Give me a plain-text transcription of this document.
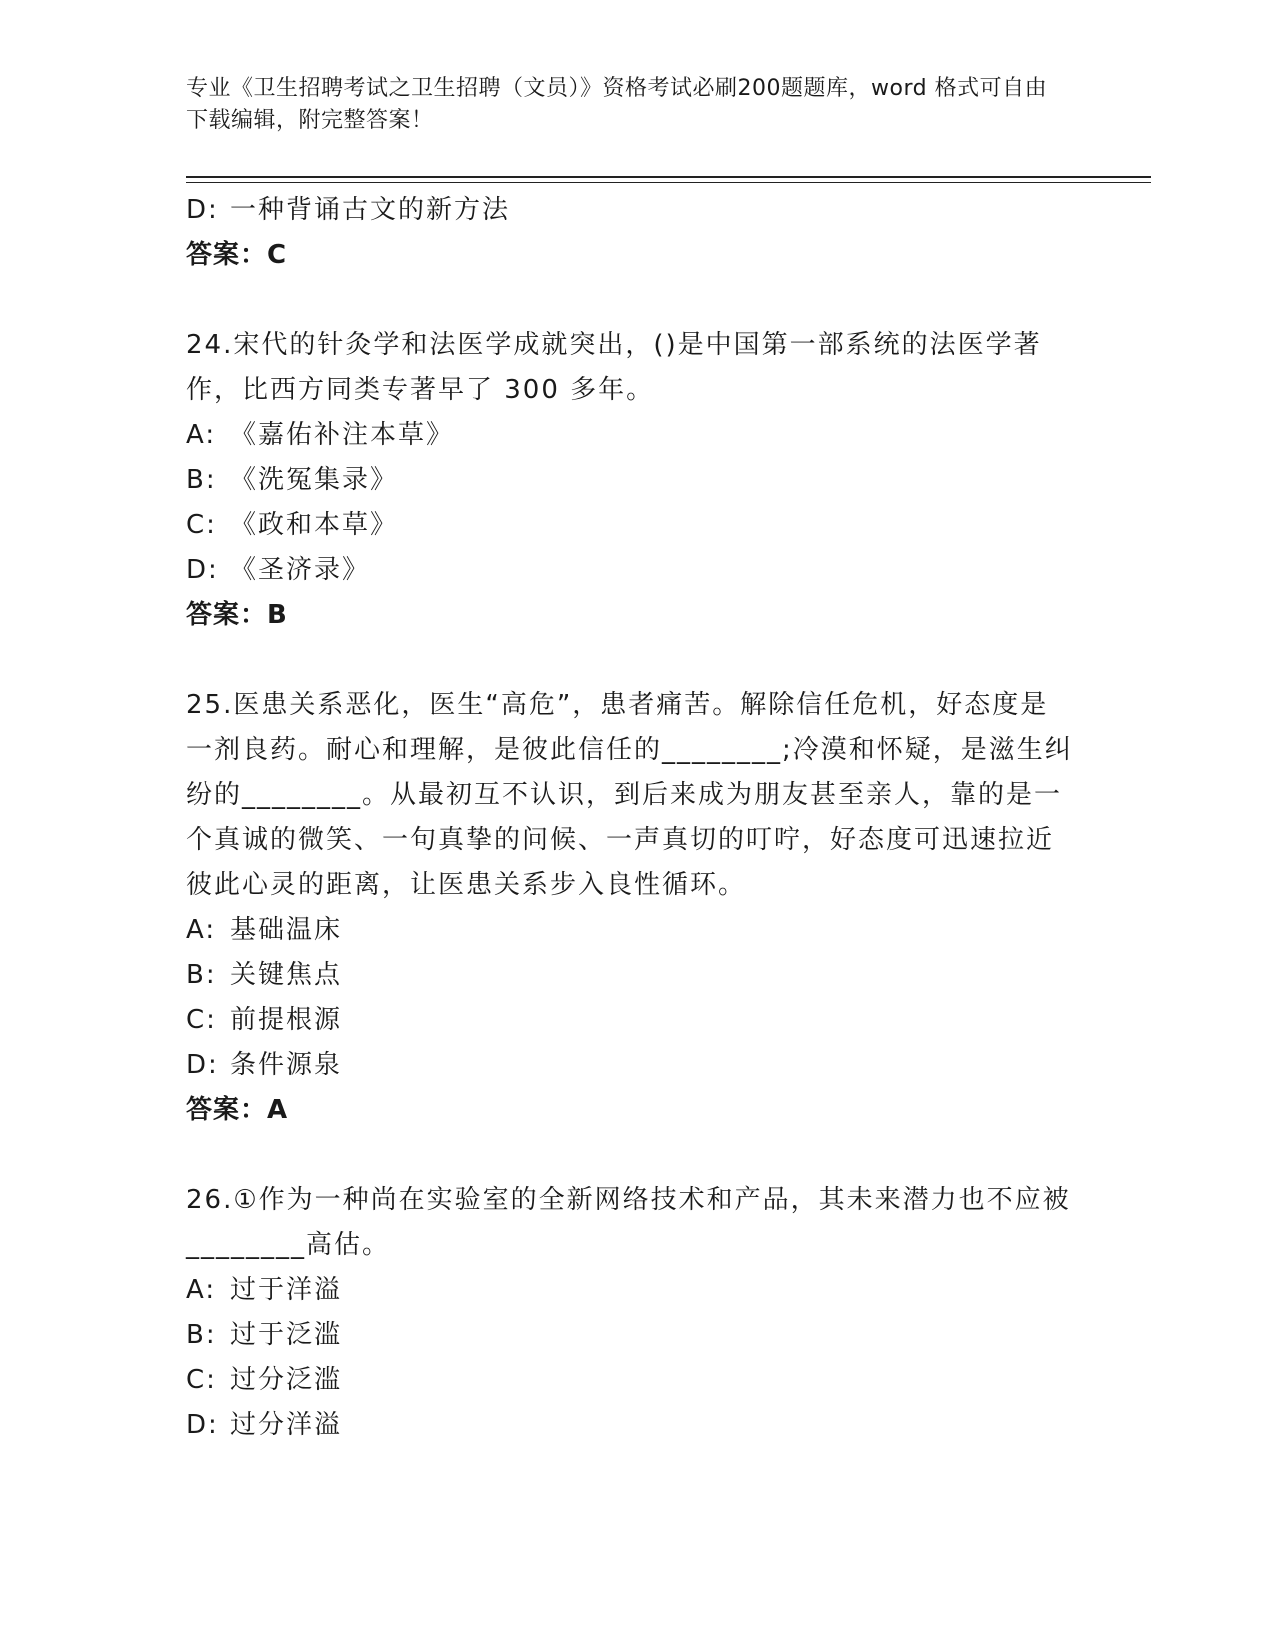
专业《卫生招聘考试之卫生招聘（文员）》资格考试必刷200题题库，word 格式可自由下载编辑，附完整答案！
D: 一种背诵古文的新方法
答案：C
24.宋代的针灸学和法医学成就突出，()是中国第一部系统的法医学著作，比西方同类专著早了 300 多年。
A: 《嘉佑补注本草》
B: 《洗冤集录》
C: 《政和本草》
D: 《圣济录》
答案：B
25.医患关系恶化，医生“高危”，患者痛苦。解除信任危机，好态度是一剂良药。耐心和理解，是彼此信任的________;冷漠和怀疑，是滋生纠纷的________。从最初互不认识，到后来成为朋友甚至亲人，靠的是一个真诚的微笑、一句真挚的问候、一声真切的叮咛，好态度可迅速拉近彼此心灵的距离，让医患关系步入良性循环。
A: 基础温床
B: 关键焦点
C: 前提根源
D: 条件源泉
答案：A
26.①作为一种尚在实验室的全新网络技术和产品，其未来潜力也不应被________高估。
A: 过于洋溢
B: 过于泛滥
C: 过分泛滥
D: 过分洋溢
